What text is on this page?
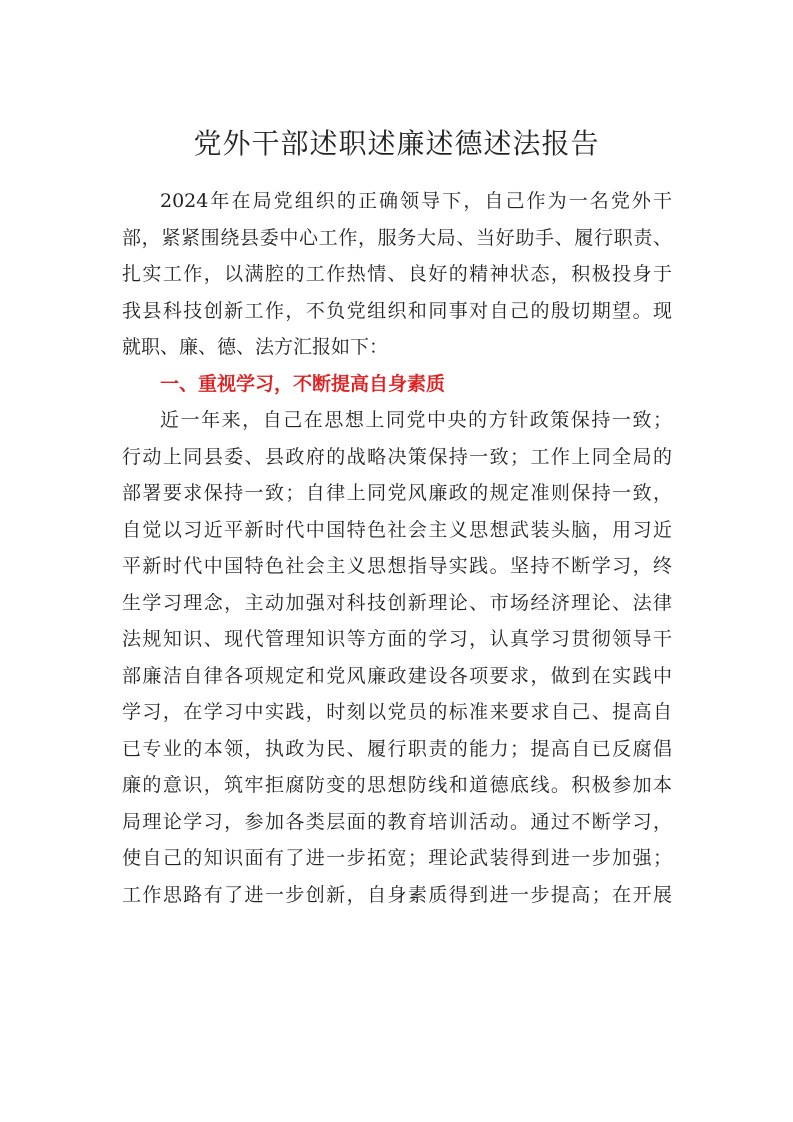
党外干部述职述廉述德述法报告
2024年在局党组织的正确领导下，自己作为一名党外干
部，紧紧围绕县委中心工作，服务大局、当好助手、履行职责、
扎实工作，以满腔的工作热情、良好的精神状态，积极投身于
我县科技创新工作，不负党组织和同事对自己的殷切期望。现
就职、廉、德、法方汇报如下：
一、重视学习，不断提高自身素质
近一年来，自己在思想上同党中央的方针政策保持一致；
行动上同县委、县政府的战略决策保持一致；工作上同全局的
部署要求保持一致；自律上同党风廉政的规定准则保持一致，
自觉以习近平新时代中国特色社会主义思想武装头脑，用习近
平新时代中国特色社会主义思想指导实践。坚持不断学习，终
生学习理念，主动加强对科技创新理论、市场经济理论、法律
法规知识、现代管理知识等方面的学习，认真学习贯彻领导干
部廉洁自律各项规定和党风廉政建设各项要求，做到在实践中
学习，在学习中实践，时刻以党员的标准来要求自己、提高自
已专业的本领，执政为民、履行职责的能力；提高自已反腐倡
廉的意识，筑牢拒腐防变的思想防线和道德底线。积极参加本
局理论学习，参加各类层面的教育培训活动。通过不断学习，
使自己的知识面有了进一步拓宽；理论武装得到进一步加强；
工作思路有了进一步创新，自身素质得到进一步提高；在开展
